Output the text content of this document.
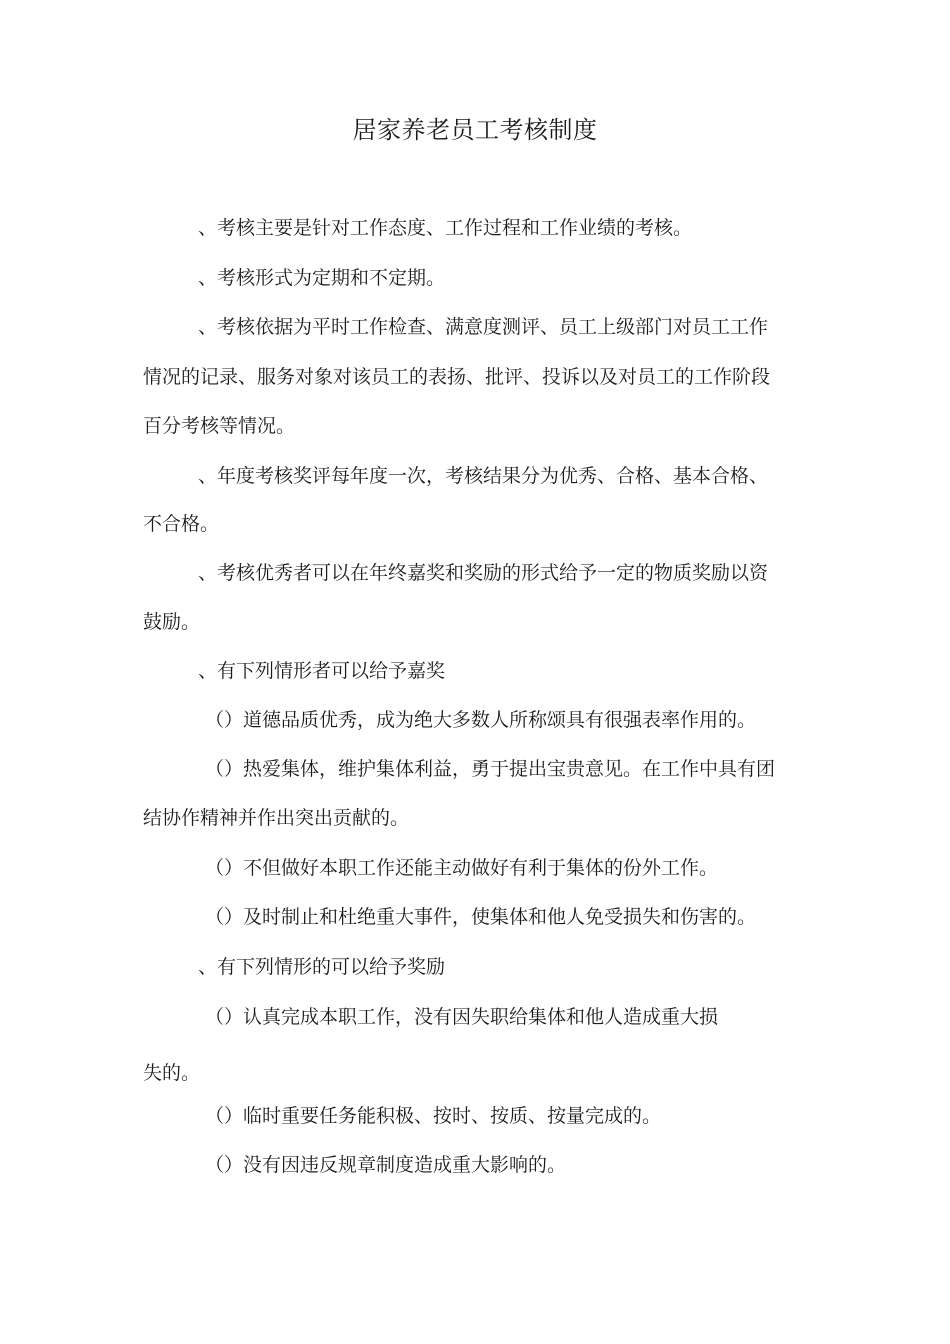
居家养老员工考核制度
、考核主要是针对工作态度、工作过程和工作业绩的考核。
、考核形式为定期和不定期。
、考核依据为平时工作检查、满意度测评、员工上级部门对员工工作
情况的记录、服务对象对该员工的表扬、批评、投诉以及对员工的工作阶段
百分考核等情况。
、年度考核奖评每年度一次，考核结果分为优秀、合格、基本合格、
不合格。
、考核优秀者可以在年终嘉奖和奖励的形式给予一定的物质奖励以资
鼓励。
、有下列情形者可以给予嘉奖
（）道德品质优秀，成为绝大多数人所称颂具有很强表率作用的。
（）热爱集体，维护集体利益，勇于提出宝贵意见。在工作中具有团
结协作精神并作出突出贡献的。
（）不但做好本职工作还能主动做好有利于集体的份外工作。
（）及时制止和杜绝重大事件，使集体和他人免受损失和伤害的。
、有下列情形的可以给予奖励
（）认真完成本职工作，没有因失职给集体和他人造成重大损
失的。
（）临时重要任务能积极、按时、按质、按量完成的。
（）没有因违反规章制度造成重大影响的。
